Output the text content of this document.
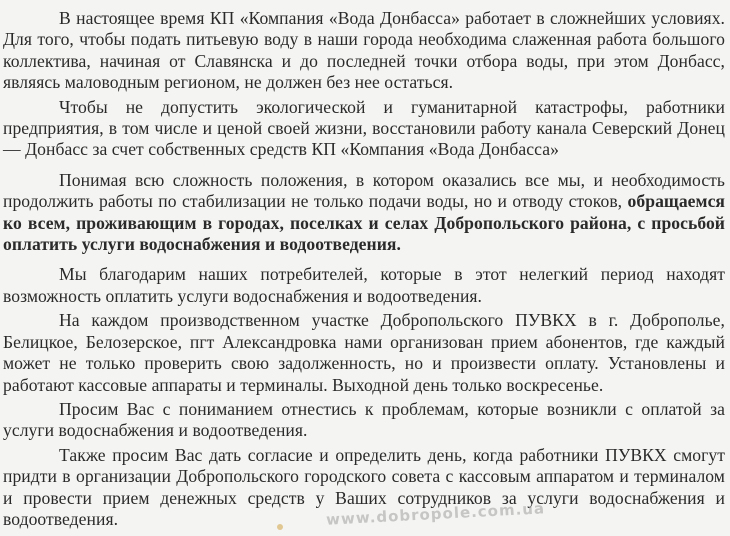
В настоящее время КП «Компания «Вода Донбасса» работает в сложнейших условиях. Для того, чтобы подать питьевую воду в наши города необходима слаженная работа большого коллектива, начиная от Славянска и до последней точки отбора воды, при этом Донбасс, являясь маловодным регионом, не должен без нее остаться.

Чтобы не допустить экологической и гуманитарной катастрофы, работники предприятия, в том числе и ценой своей жизни, восстановили работу канала Северский Донец — Донбасс за счет собственных средств КП «Компания «Вода Донбасса»

Понимая всю сложность положения, в котором оказались все мы, и необходимость продолжить работы по стабилизации не только подачи воды, но и отводу стоков, обращаемся ко всем, проживающим в городах, поселках и селах Добропольского района, с просьбой оплатить услуги водоснабжения и водоотведения.

Мы благодарим наших потребителей, которые в этот нелегкий период находят возможность оплатить услуги водоснабжения и водоотведения.

На каждом производственном участке Добропольского ПУВКХ в г. Доброполье, Белицкое, Белозерское, пгт Александровка нами организован прием абонентов, где каждый может не только проверить свою задолженность, но и произвести оплату. Установлены и работают кассовые аппараты и терминалы. Выходной день только воскресенье.

Просим Вас с пониманием отнестись к проблемам, которые возникли с оплатой за услуги водоснабжения и водоотведения.

Также просим Вас дать согласие и определить день, когда работники ПУВКХ смогут придти в организации Добропольского городского совета с кассовым аппаратом и терминалом и провести прием денежных средств у Ваших сотрудников за услуги водоснабжения и водоотведения.	www.dobropole.com.ua
